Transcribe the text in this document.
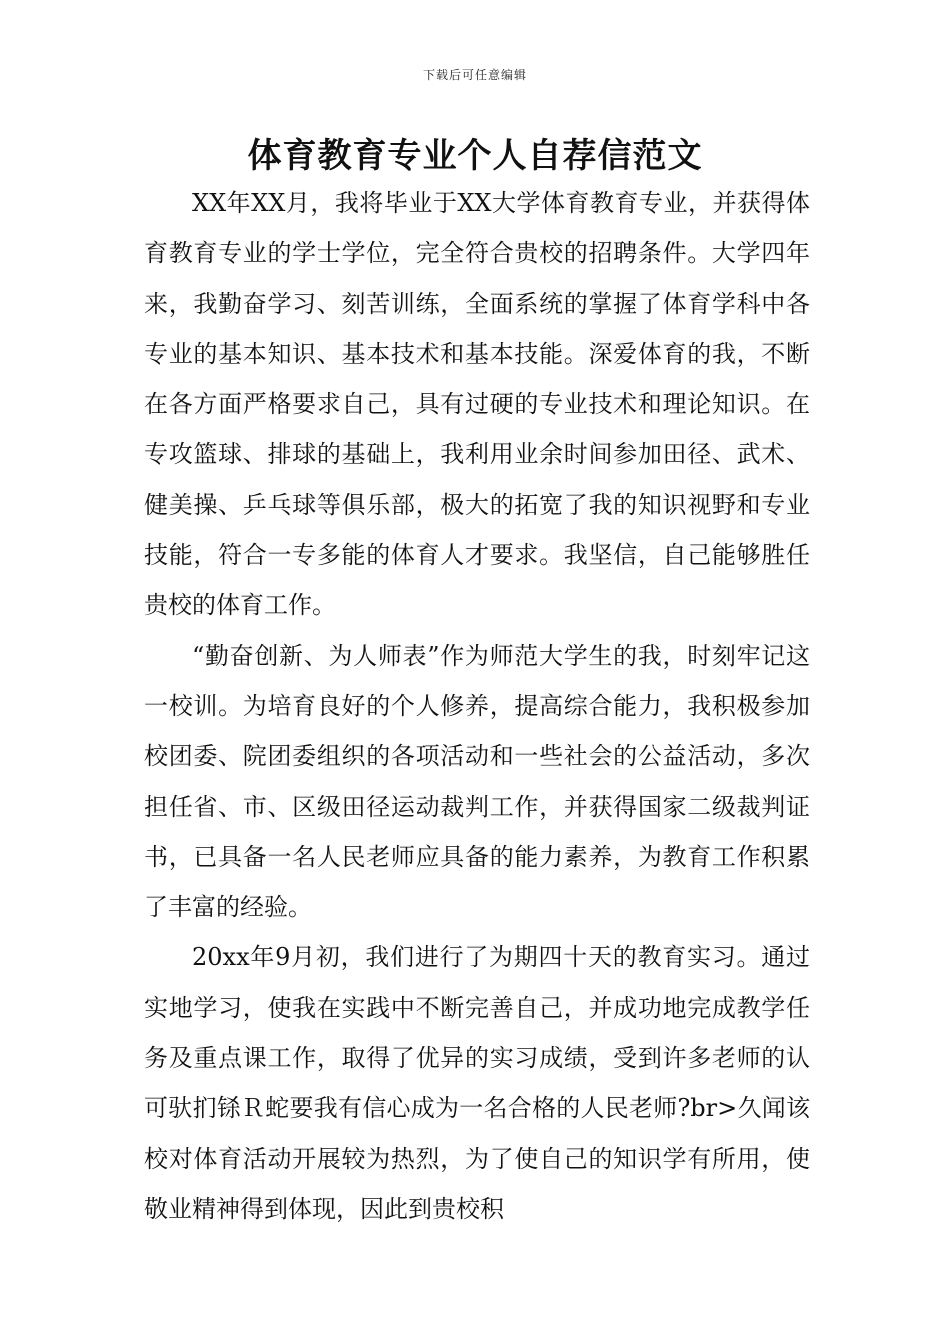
下载后可任意编辑
体育教育专业个人自荐信范文

XX年XX月，我将毕业于XX大学体育教育专业，并获得体育教育专业的学士学位，完全符合贵校的招聘条件。大学四年来，我勤奋学习、刻苦训练，全面系统的掌握了体育学科中各专业的基本知识、基本技术和基本技能。深爱体育的我，不断在各方面严格要求自己，具有过硬的专业技术和理论知识。在专攻篮球、排球的基础上，我利用业余时间参加田径、武术、健美操、乒乓球等俱乐部，极大的拓宽了我的知识视野和专业技能，符合一专多能的体育人才要求。我坚信，自己能够胜任贵校的体育工作。

“勤奋创新、为人师表”作为师范大学生的我，时刻牢记这一校训。为培育良好的个人修养，提高综合能力，我积极参加校团委、院团委组织的各项活动和一些社会的公益活动，多次担任省、市、区级田径运动裁判工作，并获得国家二级裁判证书，已具备一名人民老师应具备的能力素养，为教育工作积累了丰富的经验。

20xx年9月初，我们进行了为期四十天的教育实习。通过实地学习，使我在实践中不断完善自己，并成功地完成教学任务及重点课工作，取得了优异的实习成绩，受到许多老师的认可驮扪铩Ｒ蛇要我有信心成为一名合格的人民老师?br>久闻该校对体育活动开展较为热烈，为了使自己的知识学有所用，使敬业精神得到体现，因此到贵校积
